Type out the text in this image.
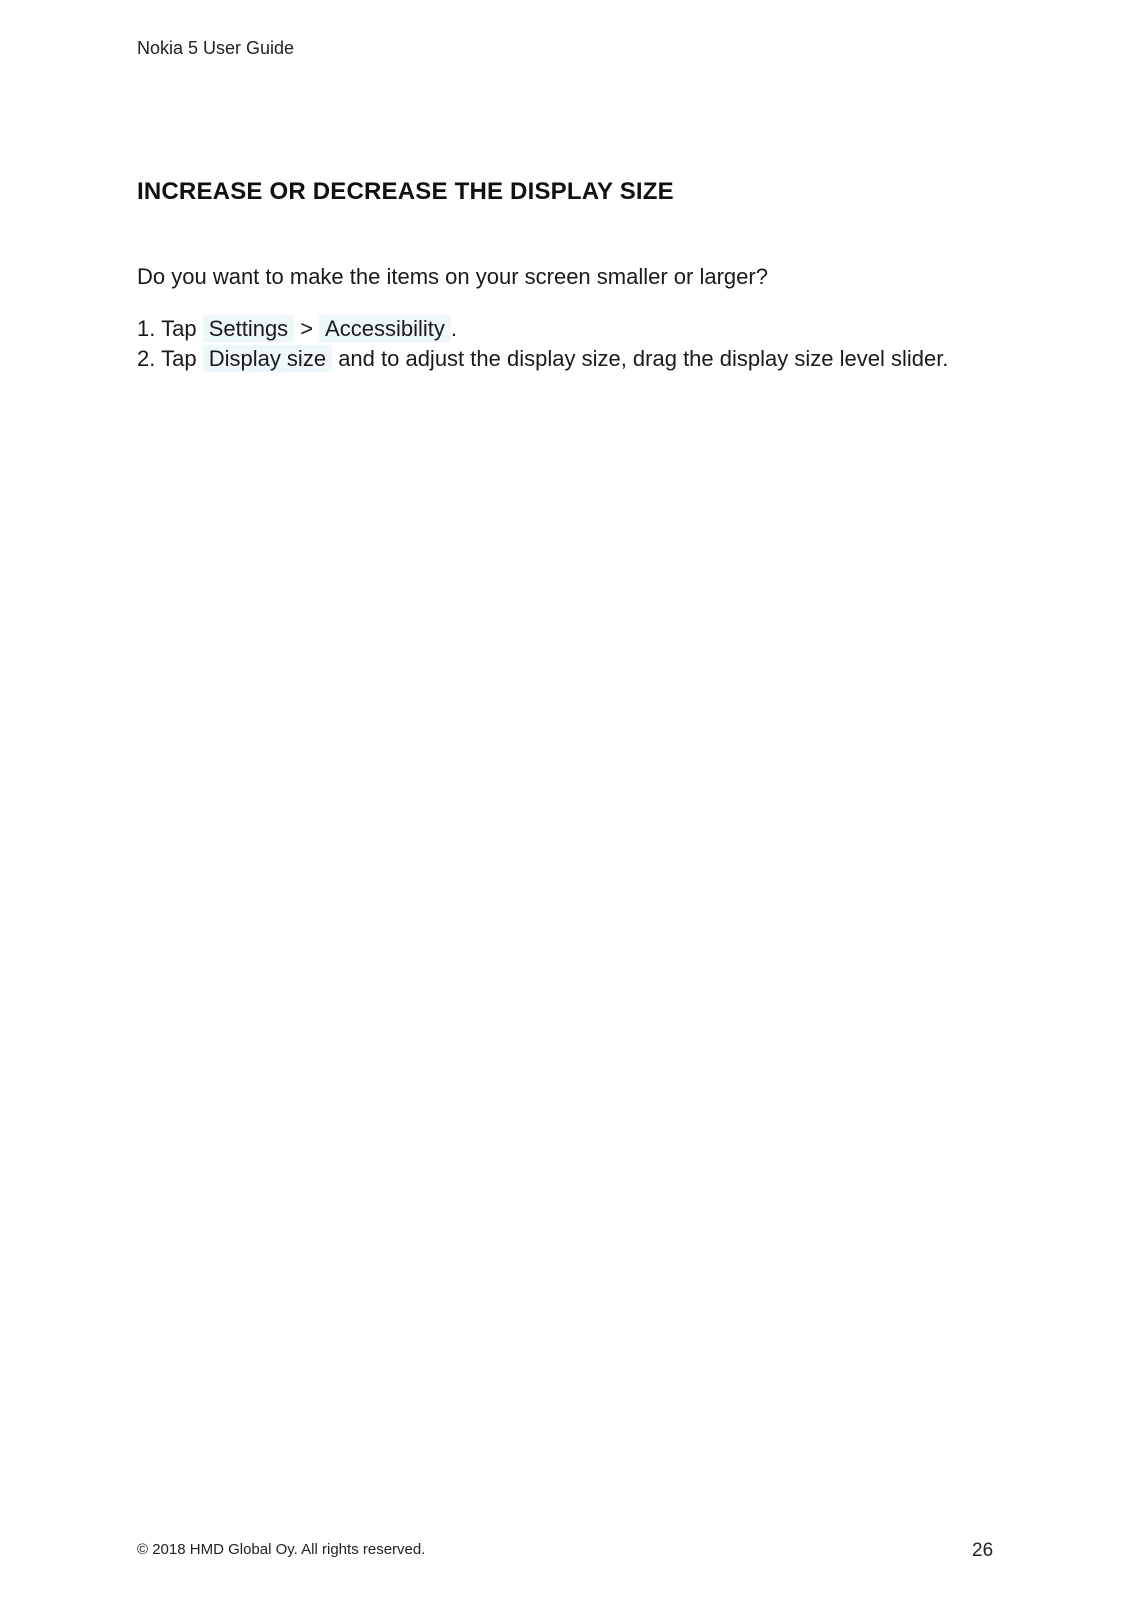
Nokia 5 User Guide
INCREASE OR DECREASE THE DISPLAY SIZE
Do you want to make the items on your screen smaller or larger?
1. Tap Settings > Accessibility .
2. Tap Display size and to adjust the display size, drag the display size level slider.
© 2018 HMD Global Oy. All rights reserved.	26
